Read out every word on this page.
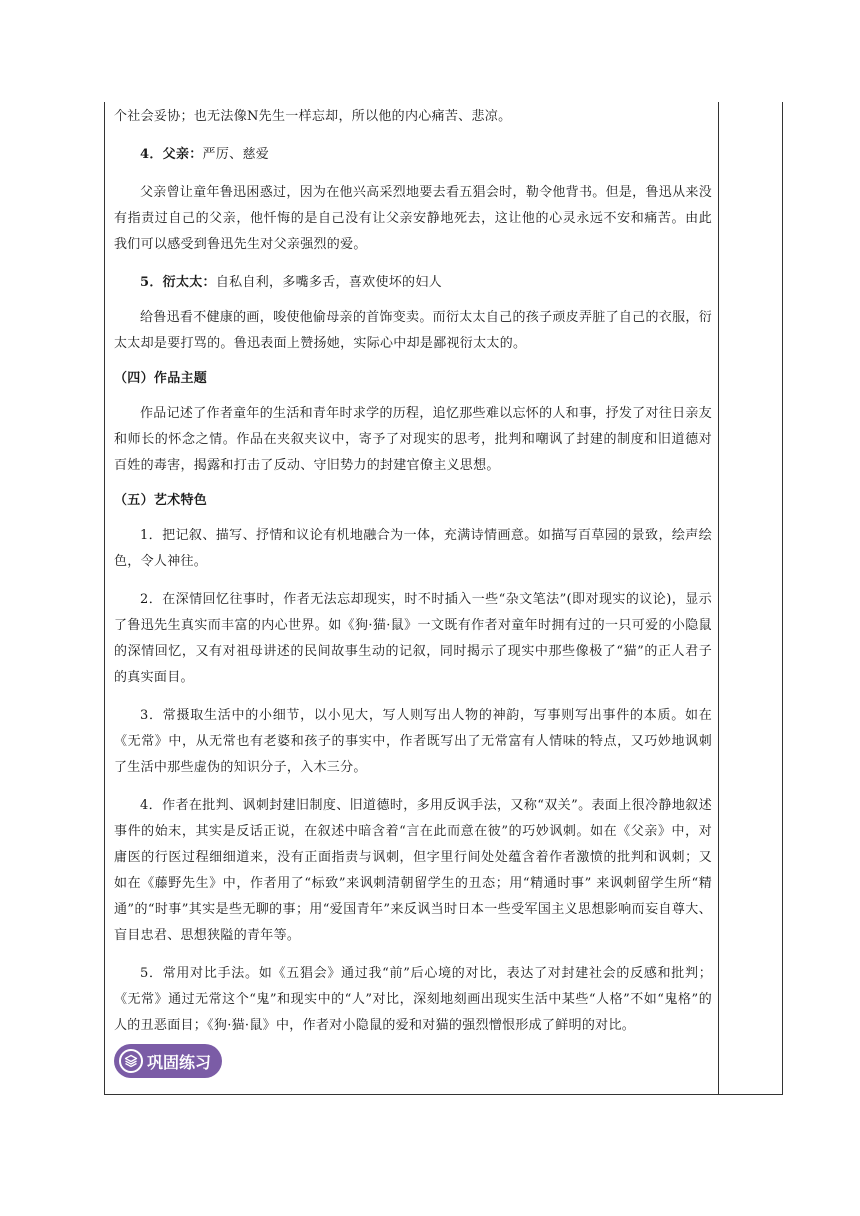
个社会妥协；也无法像N先生一样忘却，所以他的内心痛苦、悲凉。

4．父亲：严厉、慈爱

父亲曾让童年鲁迅困惑过，因为在他兴高采烈地要去看五猖会时，勒令他背书。但是，鲁迅从来没有指责过自己的父亲，他忏悔的是自己没有让父亲安静地死去，这让他的心灵永远不安和痛苦。由此我们可以感受到鲁迅先生对父亲强烈的爱。

5．衍太太：自私自利，多嘴多舌，喜欢使坏的妇人

给鲁迅看不健康的画，唆使他偷母亲的首饰变卖。而衍太太自己的孩子顽皮弄脏了自己的衣服，衍太太却是要打骂的。鲁迅表面上赞扬她，实际心中却是鄙视衍太太的。

（四）作品主题

作品记述了作者童年的生活和青年时求学的历程，追忆那些难以忘怀的人和事，抒发了对往日亲友和师长的怀念之情。作品在夹叙夹议中，寄予了对现实的思考，批判和嘲讽了封建的制度和旧道德对百姓的毒害，揭露和打击了反动、守旧势力的封建官僚主义思想。

（五）艺术特色

1．把记叙、描写、抒情和议论有机地融合为一体，充满诗情画意。如描写百草园的景致，绘声绘色，令人神往。

2．在深情回忆往事时，作者无法忘却现实，时不时插入一些“杂文笔法”(即对现实的议论)，显示了鲁迅先生真实而丰富的内心世界。如《狗·猫·鼠》一文既有作者对童年时拥有过的一只可爱的小隐鼠的深情回忆，又有对祖母讲述的民间故事生动的记叙，同时揭示了现实中那些像极了“猫”的正人君子的真实面目。

3．常摄取生活中的小细节，以小见大，写人则写出人物的神韵，写事则写出事件的本质。如在《无常》中，从无常也有老婆和孩子的事实中，作者既写出了无常富有人情味的特点，又巧妙地讽刺了生活中那些虚伪的知识分子，入木三分。

4．作者在批判、讽刺封建旧制度、旧道德时，多用反讽手法，又称“双关”。表面上很冷静地叙述事件的始末，其实是反话正说，在叙述中暗含着“言在此而意在彼”的巧妙讽刺。如在《父亲》中，对庸医的行医过程细细道来，没有正面指责与讽刺，但字里行间处处蕴含着作者激愤的批判和讽刺；又如在《藤野先生》中，作者用了“标致”来讽刺清朝留学生的丑态；用“精通时事” 来讽刺留学生所“精通”的“时事”其实是些无聊的事；用“爱国青年”来反讽当时日本一些受军国主义思想影响而妄自尊大、盲目忠君、思想狭隘的青年等。

5．常用对比手法。如《五猖会》通过我“前”后心境的对比，表达了对封建社会的反感和批判；《无常》通过无常这个“鬼”和现实中的“人”对比，深刻地刻画出现实生活中某些“人格”不如“鬼格”的人的丑恶面目；《狗·猫·鼠》中，作者对小隐鼠的爱和对猫的强烈憎恨形成了鲜明的对比。

巩固练习
